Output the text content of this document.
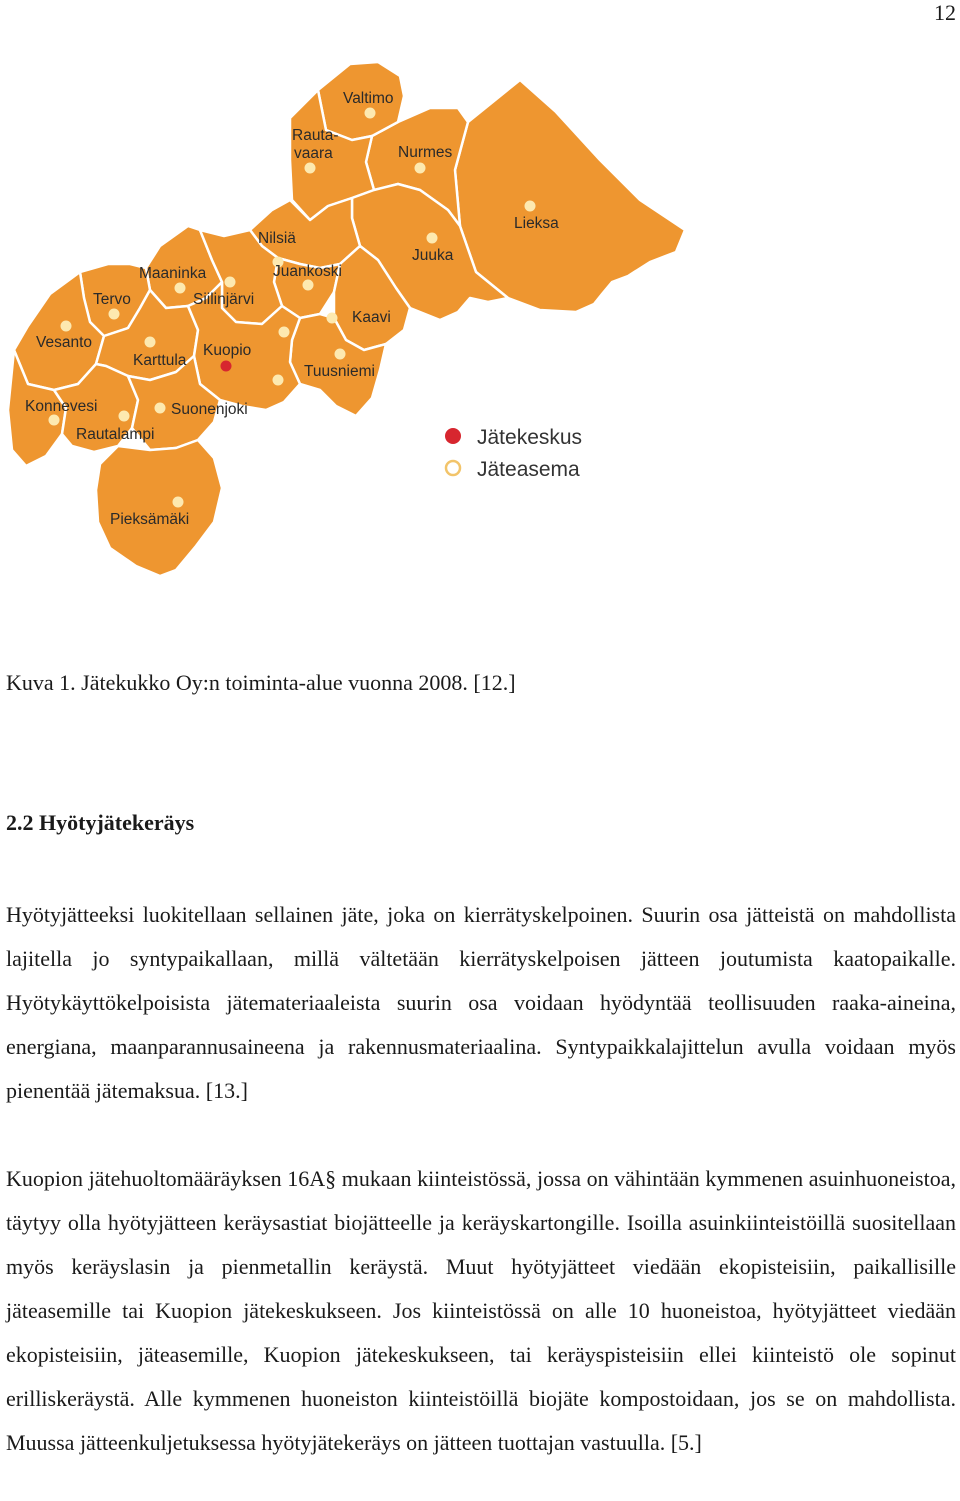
12
Valtimo
Rauta-
vaara	Nurmes
Lieksa
Nilsiä
Juankoski
Juuka
Maaninka
Tervo	Siilinjärvi
Kaavi
Vesanto
Karttula
Kuopio
Tuusniemi
Konnevesi	Suonenjoki
Rautalampi
Pieksämäki
Jätekeskus
Jäteasema
Kuva 1. Jätekukko Oy:n toiminta-alue vuonna 2008. [12.]
2.2 Hyötyjätekeräys

Hyötyjätteeksi luokitellaan sellainen jäte, joka on kierrätyskelpoinen. Suurin osa jätteistä on mahdollista lajitella jo syntypaikallaan, millä vältetään kierrätyskelpoisen jätteen joutumista kaatopaikalle. Hyötykäyttökelpoisista jätemateriaaleista suurin osa voidaan hyödyntää teollisuuden raaka-aineina, energiana, maanparannusaineena ja rakennusmateriaalina. Syntypaikkalajittelun avulla voidaan myös pienentää jätemaksua. [13.]

Kuopion jätehuoltomääräyksen 16A§ mukaan kiinteistössä, jossa on vähintään kymmenen asuinhuoneistoa, täytyy olla hyötyjätteen keräysastiat biojätteelle ja keräyskartongille. Isoilla asuinkiinteistöillä suositellaan myös keräyslasin ja pienmetallin keräystä. Muut hyötyjätteet viedään ekopisteisiin, paikallisille jäteasemille tai Kuopion jätekeskukseen. Jos kiinteistössä on alle 10 huoneistoa, hyötyjätteet viedään ekopisteisiin, jäteasemille, Kuopion jätekeskukseen, tai keräyspisteisiin ellei kiinteistö ole sopinut erilliskeräystä. Alle kymmenen huoneiston kiinteistöillä biojäte kompostoidaan, jos se on mahdollista. Muussa jätteenkuljetuksessa hyötyjätekeräys on jätteen tuottajan vastuulla. [5.]
